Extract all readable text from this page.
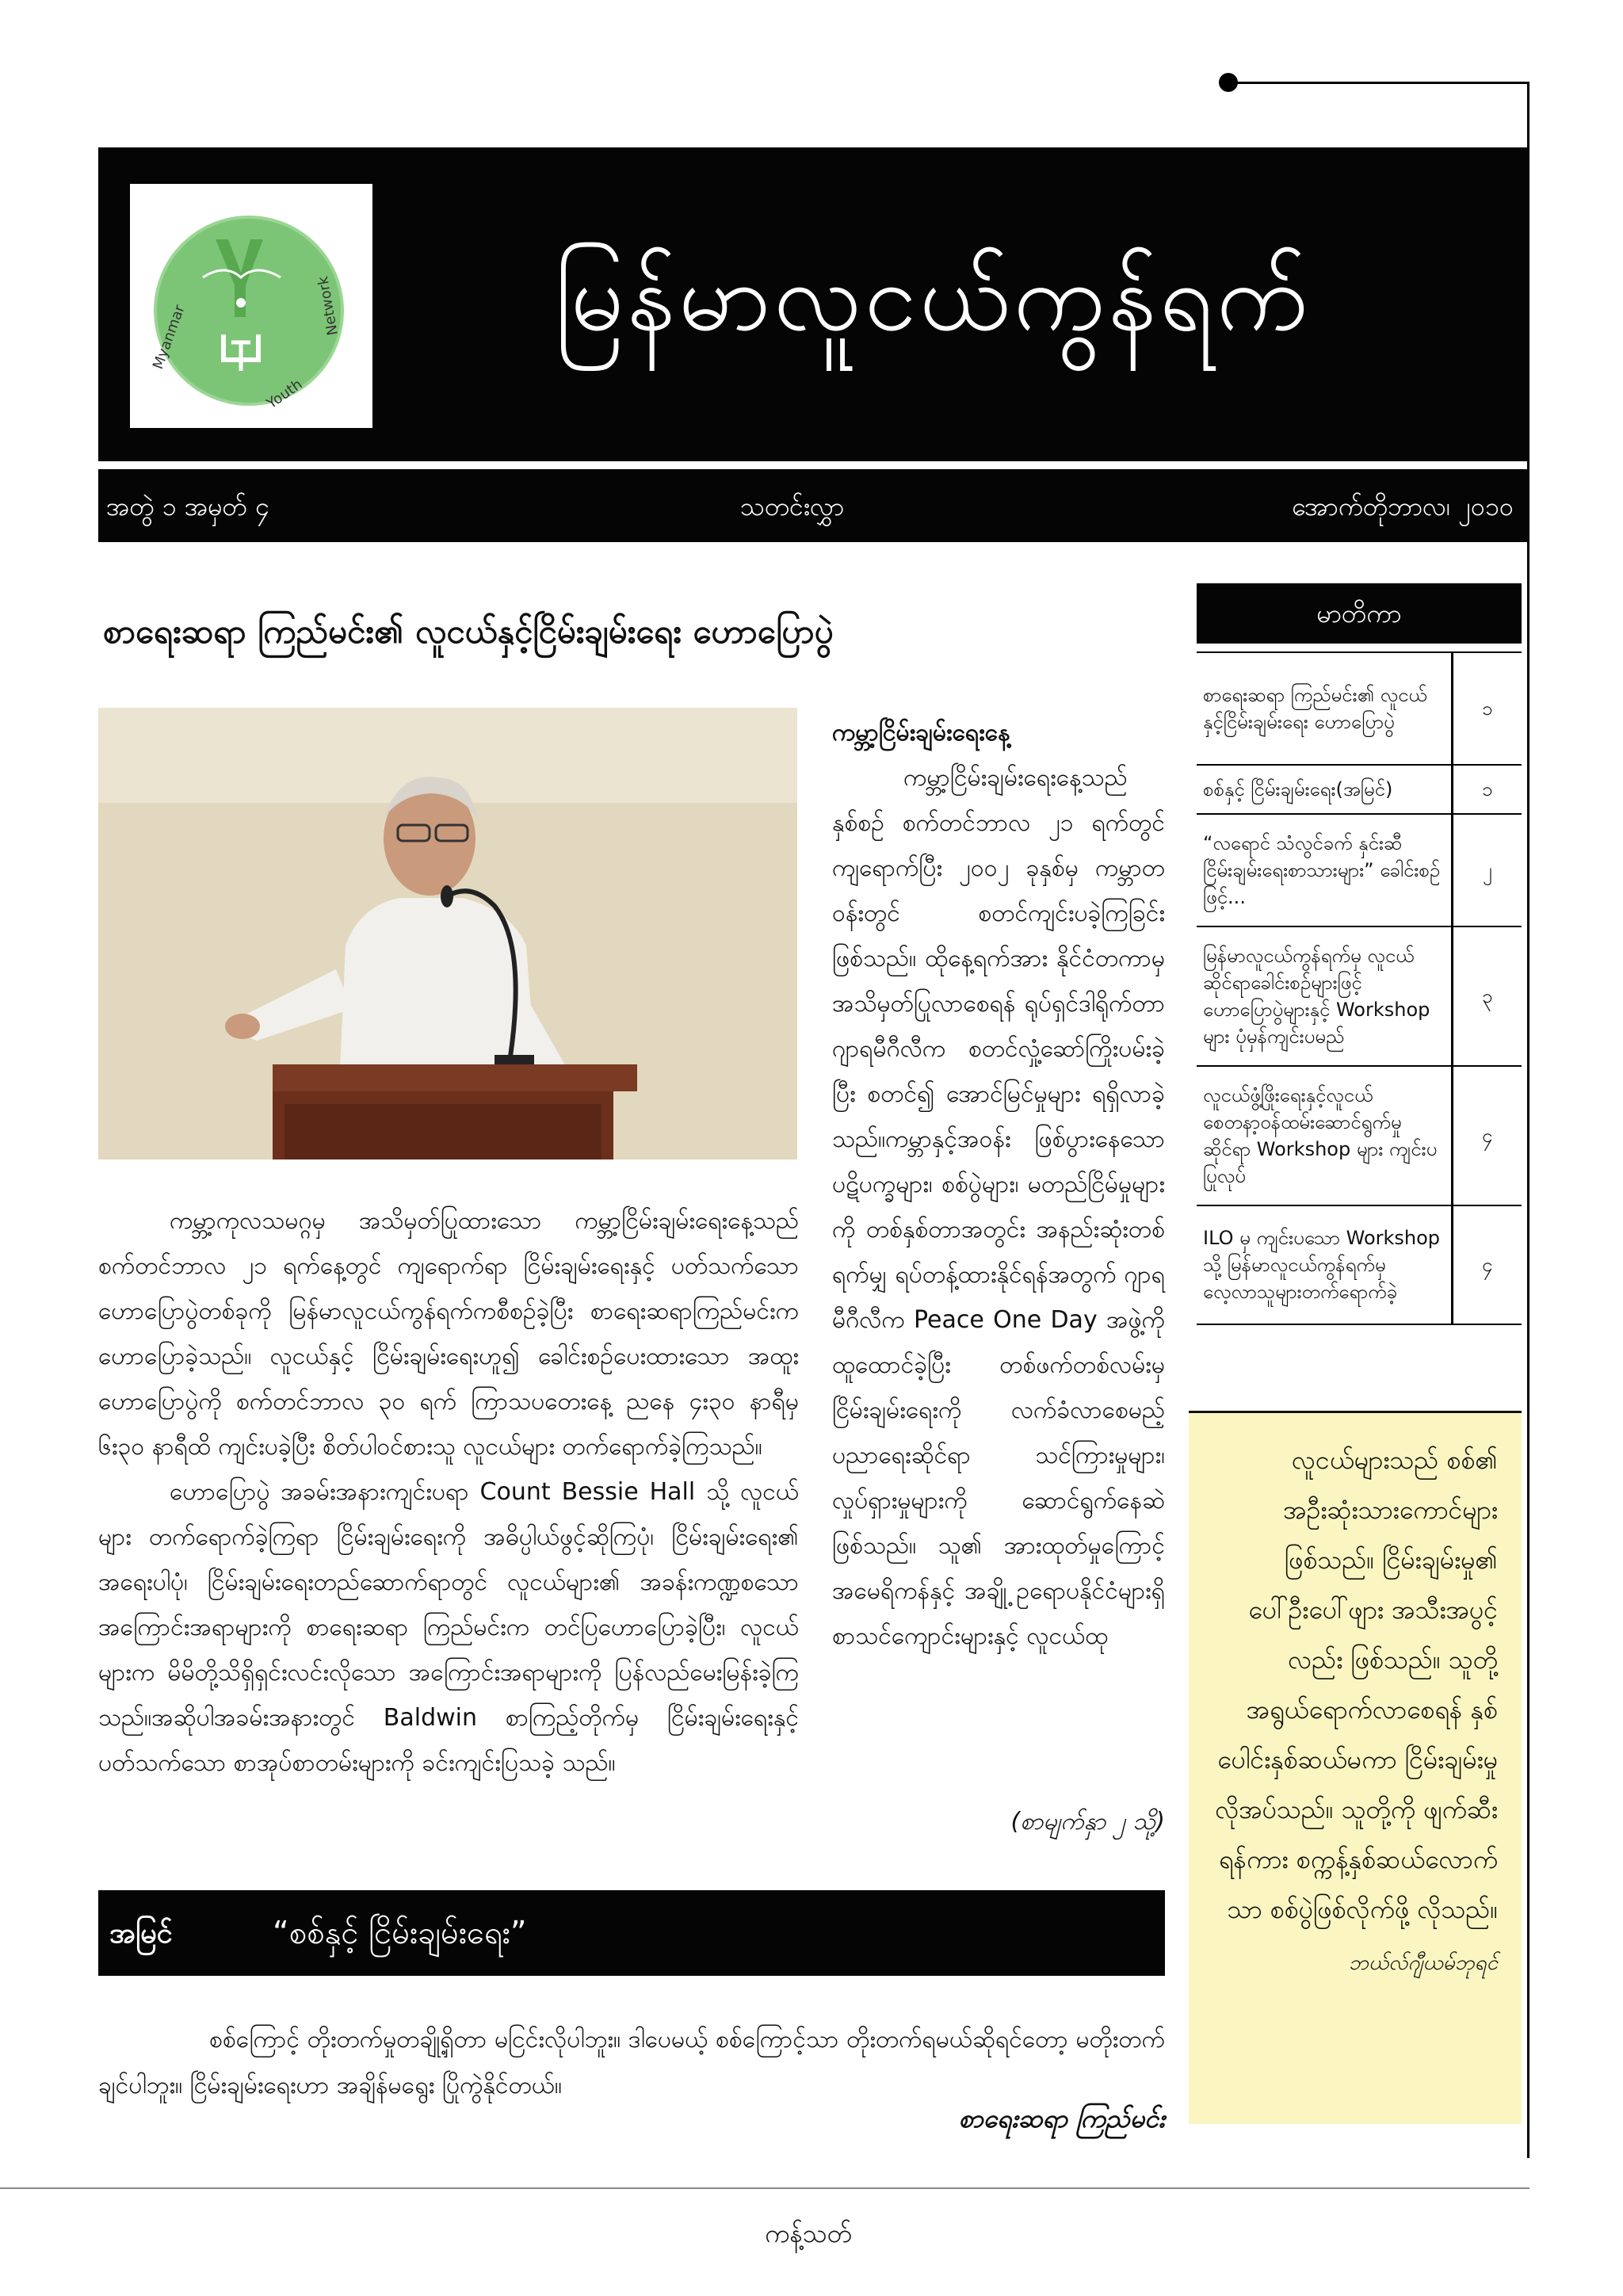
Myanmar
Youth
Network မြန်မာလူငယ်ကွန်ရက်
အတွဲ ၁ အမှတ် ၄	သတင်းလွှာ	အောက်တိုဘာလ၊ ၂၀၁၀
စာရေးဆရာ ကြည်မင်း၏ လူငယ်နှင့်ငြိမ်းချမ်းရေး ဟောပြောပွဲ

ကမ္ဘာ့ကုလသမဂ္ဂမှ အသိမှတ်ပြုထားသော ကမ္ဘာ့ငြိမ်းချမ်းရေးနေ့သည် စက်တင်ဘာလ ၂၁ ရက်နေ့တွင် ကျရောက်ရာ ငြိမ်းချမ်းရေးနှင့် ပတ်သက်သော ဟောပြောပွဲတစ်ခုကို မြန်မာလူငယ်ကွန်ရက်ကစီစဉ်ခဲ့ပြီး စာရေးဆရာကြည်မင်းက ဟောပြောခဲ့သည်။ လူငယ်နှင့် ငြိမ်းချမ်းရေးဟူ၍ ခေါင်းစဉ်ပေးထားသော အထူးဟောပြောပွဲကို စက်တင်ဘာလ ၃၀ ရက် ကြာသပတေးနေ့ ညနေ ၄း၃၀ နာရီမှ ၆း၃၀ နာရီထိ ကျင်းပခဲ့ပြီး စိတ်ပါဝင်စားသူ လူငယ်များ တက်ရောက်ခဲ့ကြသည်။

ဟောပြောပွဲ အခမ်းအနားကျင်းပရာ Count Bessie Hall သို့ လူငယ်များ တက်ရောက်ခဲ့ကြရာ ငြိမ်းချမ်းရေးကို အဓိပ္ပါယ်ဖွင့်ဆိုကြပုံ၊ ငြိမ်းချမ်းရေး၏ အရေးပါပုံ၊ ငြိမ်းချမ်းရေးတည်ဆောက်ရာတွင် လူငယ်များ၏ အခန်းကဏ္ဍစသော အကြောင်းအရာများကို စာရေးဆရာ ကြည်မင်းက တင်ပြဟောပြောခဲ့ပြီး၊ လူငယ်များက မိမိတို့သိရှိရှင်းလင်းလိုသော အကြောင်းအရာများကို ပြန်လည်မေးမြန်းခဲ့ကြသည်။အဆိုပါအခမ်းအနားတွင် Baldwin စာကြည့်တိုက်မှ ငြိမ်းချမ်းရေးနှင့် ပတ်သက်သော စာအုပ်စာတမ်းများကို ခင်းကျင်းပြသခဲ့ သည်။

ကမ္ဘာ့ငြိမ်းချမ်းရေးနေ့

ကမ္ဘာ့ငြိမ်းချမ်းရေးနေ့သည် နှစ်စဉ် စက်တင်ဘာလ ၂၁ ရက်တွင် ကျရောက်ပြီး ၂၀၀၂ ခုနှစ်မှ ကမ္ဘာတဝန်းတွင် စတင်ကျင်းပခဲ့ကြခြင်းဖြစ်သည်။ ထိုနေ့ရက်အား နိုင်ငံတကာမှ အသိမှတ်ပြုလာစေရန် ရုပ်ရှင်ဒါရိုက်တာဂျာရမီဂီလီက စတင်လှုံ့ဆော်ကြိုးပမ်းခဲ့ပြီး စတင်၍ အောင်မြင်မှုများ ရရှိလာခဲ့သည်။ကမ္ဘာနှင့်အဝန်း ဖြစ်ပွားနေသော ပဋိပက္ခများ၊ စစ်ပွဲများ၊ မတည်ငြိမ်မှုများကို တစ်နှစ်တာအတွင်း အနည်းဆုံးတစ်ရက်မျှ ရပ်တန့်ထားနိုင်ရန်အတွက် ဂျာရမီဂီလီက Peace One Day အဖွဲ့ကို ထူထောင်ခဲ့ပြီး တစ်ဖက်တစ်လမ်းမှ ငြိမ်းချမ်းရေးကို လက်ခံလာစေမည့် ပညာရေးဆိုင်ရာ သင်ကြားမှုများ၊ လှုပ်ရှားမှုများကို ဆောင်ရွက်နေဆဲဖြစ်သည်။ သူ၏ အားထုတ်မှုကြောင့် အမေရိကန်နှင့် အချို့ ဥရောပနိုင်ငံများရှိ စာသင်ကျောင်းများနှင့် လူငယ်ထု

(စာမျက်နှာ ၂ သို့)
မာတိကာ
စာရေးဆရာ ကြည်မင်း၏ လူငယ်နှင့်ငြိမ်းချမ်းရေး ဟောပြောပွဲ	၁
စစ်နှင့် ငြိမ်းချမ်းရေး(အမြင်)	၁
“လရောင် သံလွင်ခက် နှင်းဆီ ငြိမ်းချမ်းရေးစာသားများ” ခေါင်းစဉ်ဖြင့်...	၂
မြန်မာလူငယ်ကွန်ရက်မှ လူငယ်ဆိုင်ရာခေါင်းစဉ်များဖြင့် ဟောပြောပွဲများနှင့် Workshop များ ပုံမှန်ကျင်းပမည်	၃
လူငယ်ဖွံ့ဖြိုးရေးနှင့်လူငယ် စေတနာ့ဝန်ထမ်းဆောင်ရွက်မှု ဆိုင်ရာ Workshop များ ကျင်းပပြုလုပ်	၄
ILO မှ ကျင်းပသော Workshop သို့ မြန်မာလူငယ်ကွန်ရက်မှ လေ့လာသူများတက်ရောက်ခဲ့	၄
လူငယ်များသည် စစ်၏ အဦးဆုံးသားကောင်များ ဖြစ်သည်။ ငြိမ်းချမ်းမှု၏ ပေါ်ဦးပေါ်ဖျား အသီးအပွင့်လည်း ဖြစ်သည်။ သူတို့ အရွယ်ရောက်လာစေရန် နှစ်ပေါင်းနှစ်ဆယ်မကာ ငြိမ်းချမ်းမှု လိုအပ်သည်။ သူတို့ကို ဖျက်ဆီးရန်ကား စက္ကန့်နှစ်ဆယ်လောက်သာ စစ်ပွဲဖြစ်လိုက်ဖို့ လိုသည်။
ဘယ်လ်ဂျီယမ်ဘုရင်
အမြင်	“စစ်နှင့် ငြိမ်းချမ်းရေး”
စစ်ကြောင့် တိုးတက်မှုတချို့ရှိတာ မငြင်းလိုပါဘူး။ ဒါပေမယ့် စစ်ကြောင့်သာ တိုးတက်ရမယ်ဆိုရင်တော့ မတိုးတက်ချင်ပါဘူး။ ငြိမ်းချမ်းရေးဟာ အချိန်မရွေး ပြိုကွဲနိုင်တယ်။
စာရေးဆရာ ကြည်မင်း
ကန့်သတ်
